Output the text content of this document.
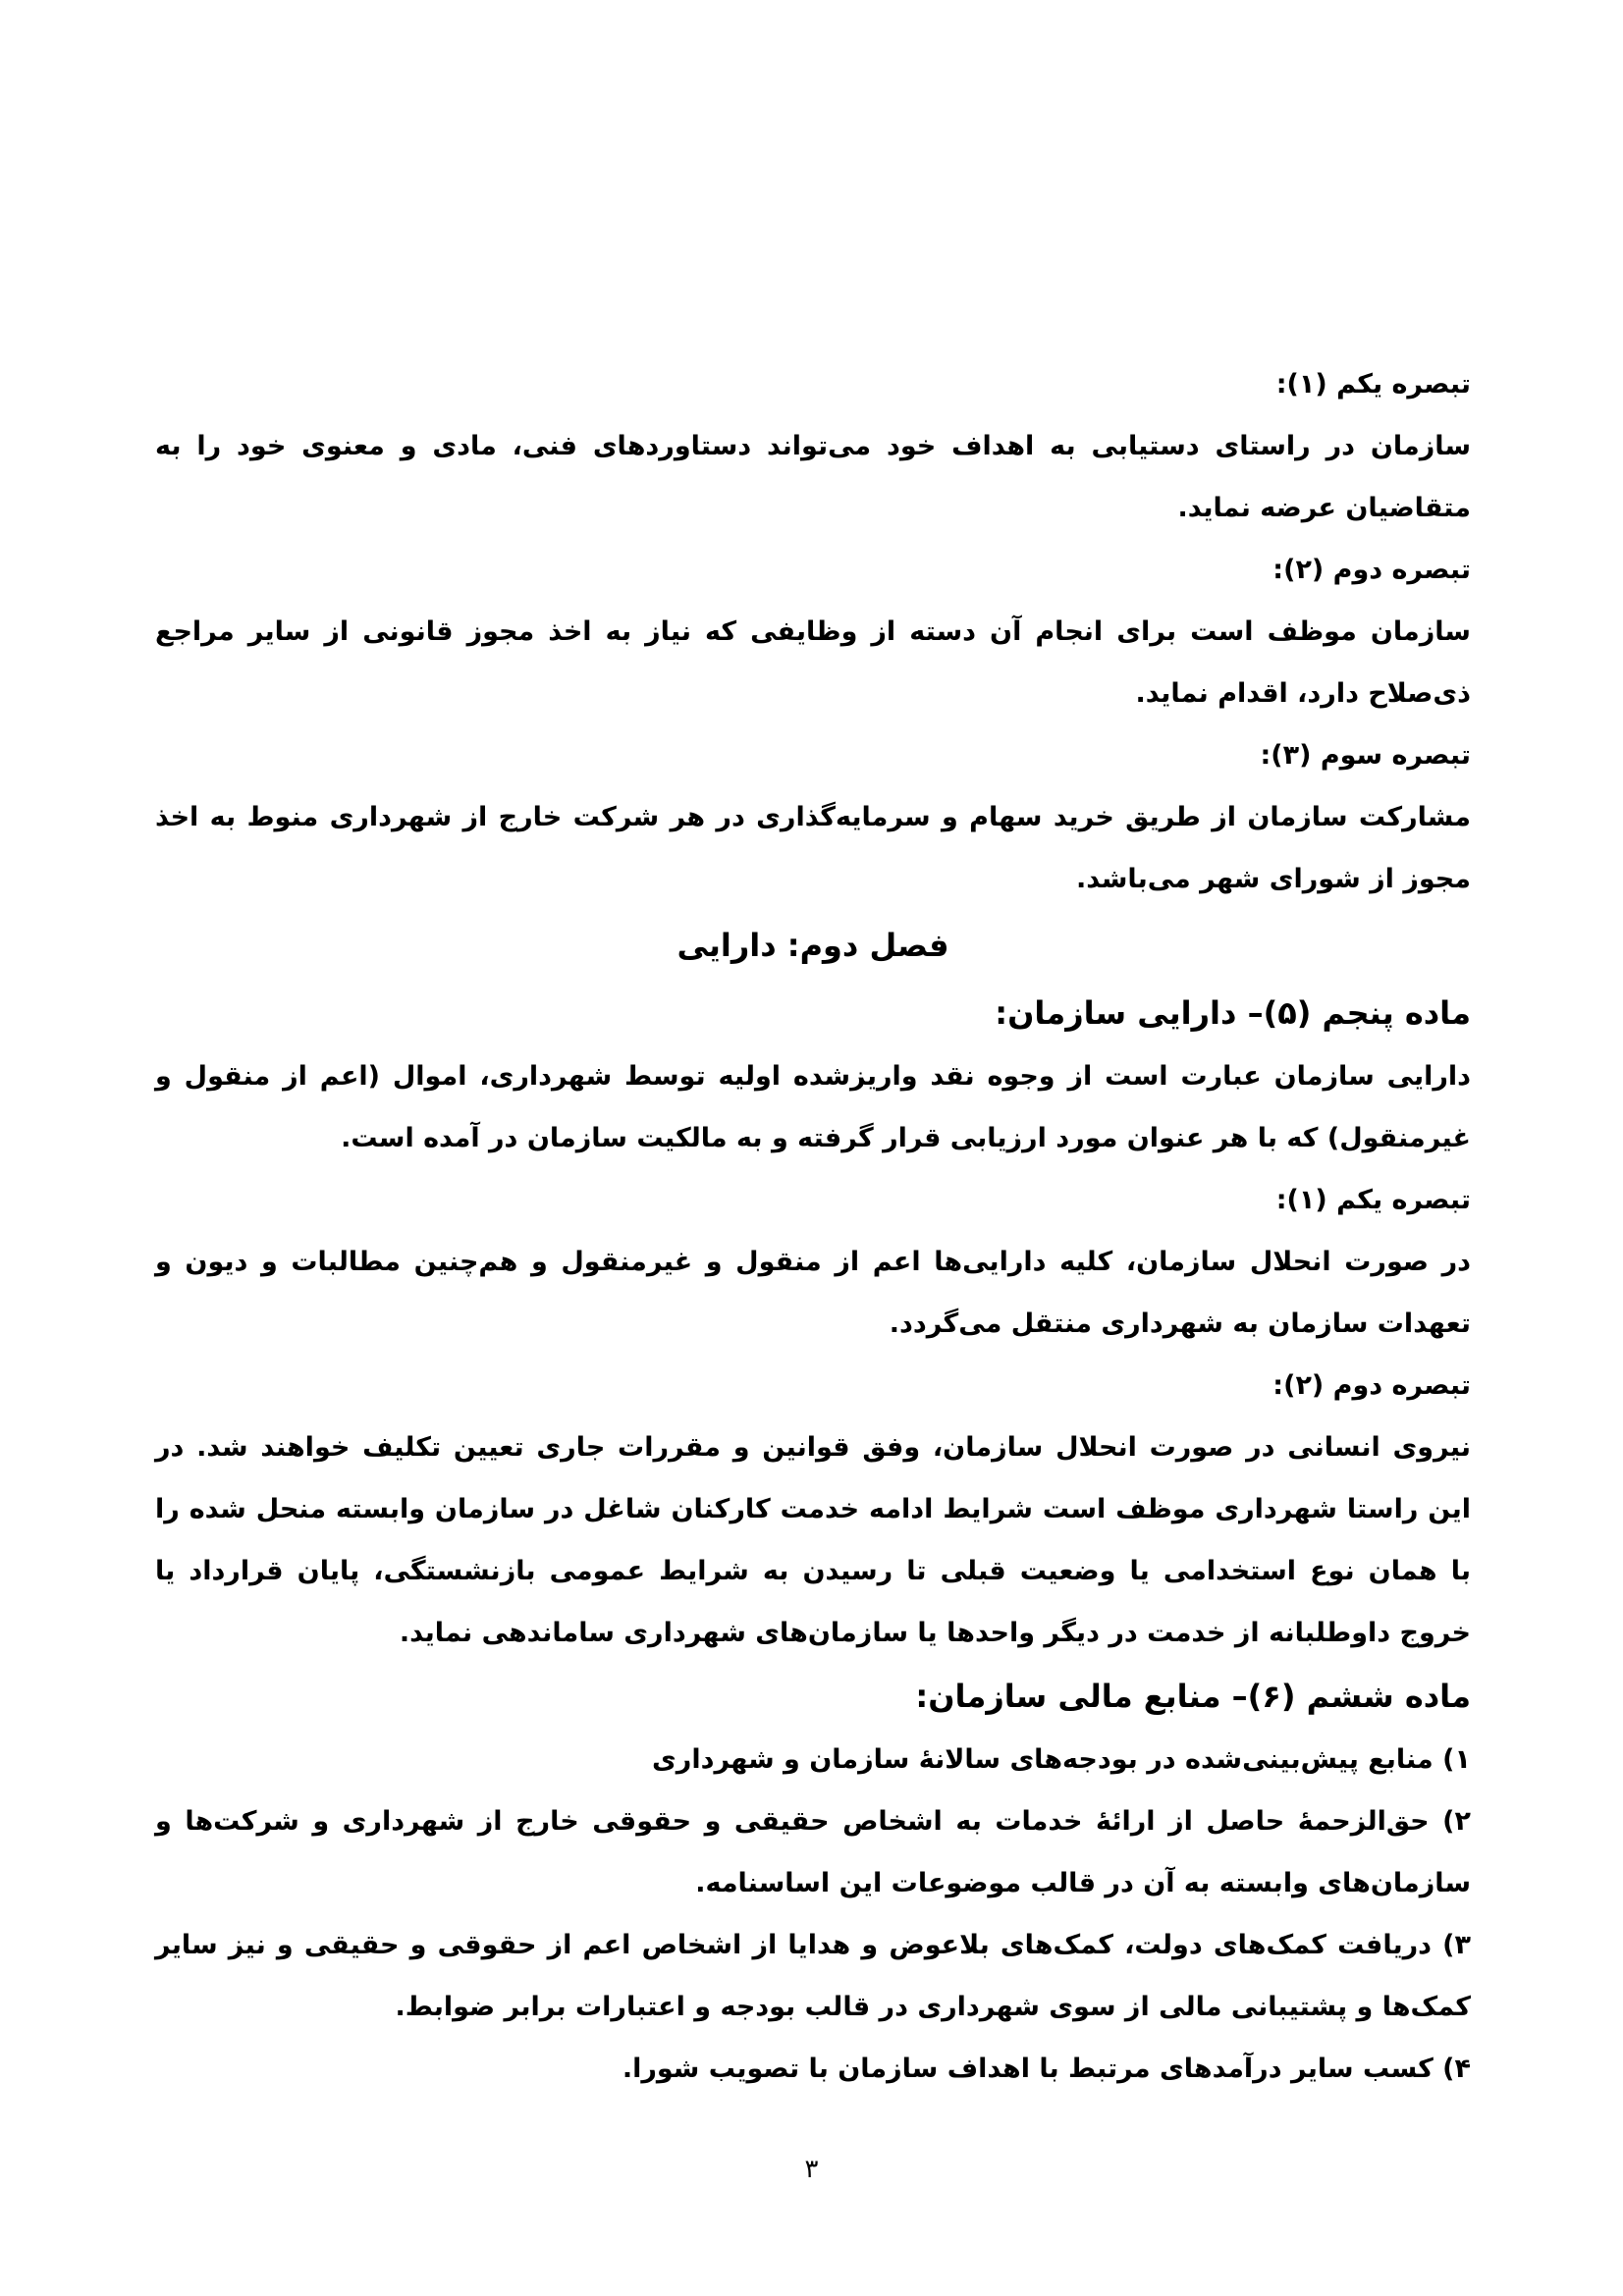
تبصره یکم (۱):

سازمان در راستای دستیابی به اهداف خود می‌تواند دستاوردهای فنی، مادی و معنوی خود را به متقاضیان عرضه نماید.

تبصره دوم (۲):

سازمان موظف است برای انجام آن دسته از وظایفی که نیاز به اخذ مجوز قانونی از سایر مراجع ذی‌صلاح دارد، اقدام نماید.

تبصره سوم (۳):

مشارکت سازمان از طریق خرید سهام و سرمایه‌گذاری در هر شرکت خارج از شهرداری منوط به اخذ مجوز از شورای شهر می‌باشد.

فصل دوم: دارایی

ماده پنجم (۵)– دارایی سازمان:

دارایی سازمان عبارت است از وجوه نقد واریزشده اولیه توسط شهرداری، اموال (اعم از منقول و غیرمنقول) که با هر عنوان مورد ارزیابی قرار گرفته و به مالکیت سازمان در آمده است.

تبصره یکم (۱):

در صورت انحلال سازمان، کلیه دارایی‌ها اعم از منقول و غیرمنقول و هم‌چنین مطالبات و دیون و تعهدات سازمان به شهرداری منتقل می‌گردد.

تبصره دوم (۲):

نیروی انسانی در صورت انحلال سازمان، وفق قوانین و مقررات جاری تعیین تکلیف خواهند شد. در این راستا شهرداری موظف است شرایط ادامه خدمت کارکنان شاغل در سازمان وابسته منحل شده را با همان نوع استخدامی یا وضعیت قبلی تا رسیدن به شرایط عمومی بازنشستگی، پایان قرارداد یا خروج داوطلبانه از خدمت در دیگر واحدها یا سازمان‌های شهرداری ساماندهی نماید.

ماده ششم (۶)– منابع مالی سازمان:

۱) منابع پیش‌بینی‌شده در بودجه‌های سالانۀ سازمان و شهرداری

۲) حق‌الزحمۀ حاصل از ارائۀ خدمات به اشخاص حقیقی و حقوقی خارج از شهرداری و شرکت‌ها و سازمان‌های وابسته به آن در قالب موضوعات این اساسنامه.

۳) دریافت کمک‌های دولت، کمک‌های بلاعوض و هدایا از اشخاص اعم از حقوقی و حقیقی و نیز سایر کمک‌ها و پشتیبانی مالی از سوی شهرداری در قالب بودجه و اعتبارات برابر ضوابط.

۴) کسب سایر درآمدهای مرتبط با اهداف سازمان با تصویب شورا.

۳
